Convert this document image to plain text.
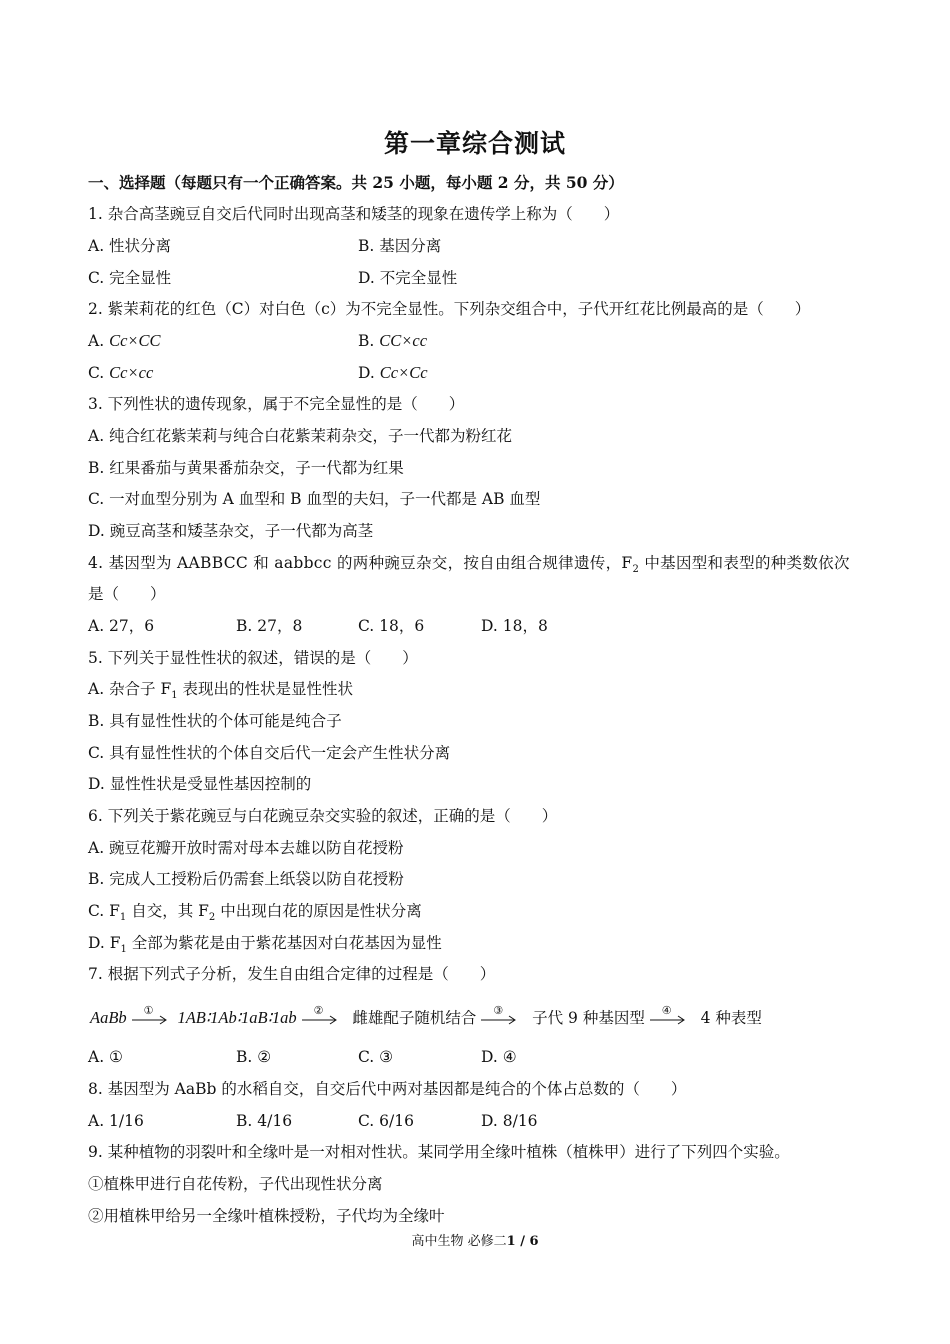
第一章综合测试
一、选择题（每题只有一个正确答案。共 25 小题，每小题 2 分，共 50 分）
1. 杂合高茎豌豆自交后代同时出现高茎和矮茎的现象在遗传学上称为（　　）
A. 性状分离	B. 基因分离
C. 完全显性	D. 不完全显性
2. 紫茉莉花的红色（C）对白色（c）为不完全显性。下列杂交组合中，子代开红花比例最高的是（　　）
A. Cc×CC	B. CC×cc
C. Cc×cc	D. Cc×Cc
3. 下列性状的遗传现象，属于不完全显性的是（　　）
A. 纯合红花紫茉莉与纯合白花紫茉莉杂交，子一代都为粉红花
B. 红果番茄与黄果番茄杂交，子一代都为红果
C. 一对血型分别为 A 血型和 B 血型的夫妇，子一代都是 AB 血型
D. 豌豆高茎和矮茎杂交，子一代都为高茎
4. 基因型为 AABBCC 和 aabbcc 的两种豌豆杂交，按自由组合规律遗传，$F_2$ 中基因型和表型的种类数依次
是（　　）
A. 27，6	B. 27，8	C. 18，6	D. 18，8
5. 下列关于显性性状的叙述，错误的是（　　）
A. 杂合子 $F_1$ 表现出的性状是显性性状
B. 具有显性性状的个体可能是纯合子
C. 具有显性性状的个体自交后代一定会产生性状分离
D. 显性性状是受显性基因控制的
6. 下列关于紫花豌豆与白花豌豆杂交实验的叙述，正确的是（　　）
A. 豌豆花瓣开放时需对母本去雄以防自花授粉
B. 完成人工授粉后仍需套上纸袋以防自花授粉
C. $F_1$ 自交，其 $F_2$ 中出现白花的原因是性状分离
D. $F_1$ 全部为紫花是由于紫花基因对白花基因为显性
7. 根据下列式子分析，发生自由组合定律的过程是（　　）
AaBb ① 1AB∶1Ab∶1aB∶1ab ② 雌雄配子随机结合 ③ 子代 9 种基因型 ④ 4 种表型
A. ①	B. ②	C. ③	D. ④
8. 基因型为 AaBb 的水稻自交，自交后代中两对基因都是纯合的个体占总数的（　　）
A. 1/16	B. 4/16	C. 6/16	D. 8/16
9. 某种植物的羽裂叶和全缘叶是一对相对性状。某同学用全缘叶植株（植株甲）进行了下列四个实验。
①植株甲进行自花传粉，子代出现性状分离
②用植株甲给另一全缘叶植株授粉，子代均为全缘叶
高中生物 必修二1 / 6
